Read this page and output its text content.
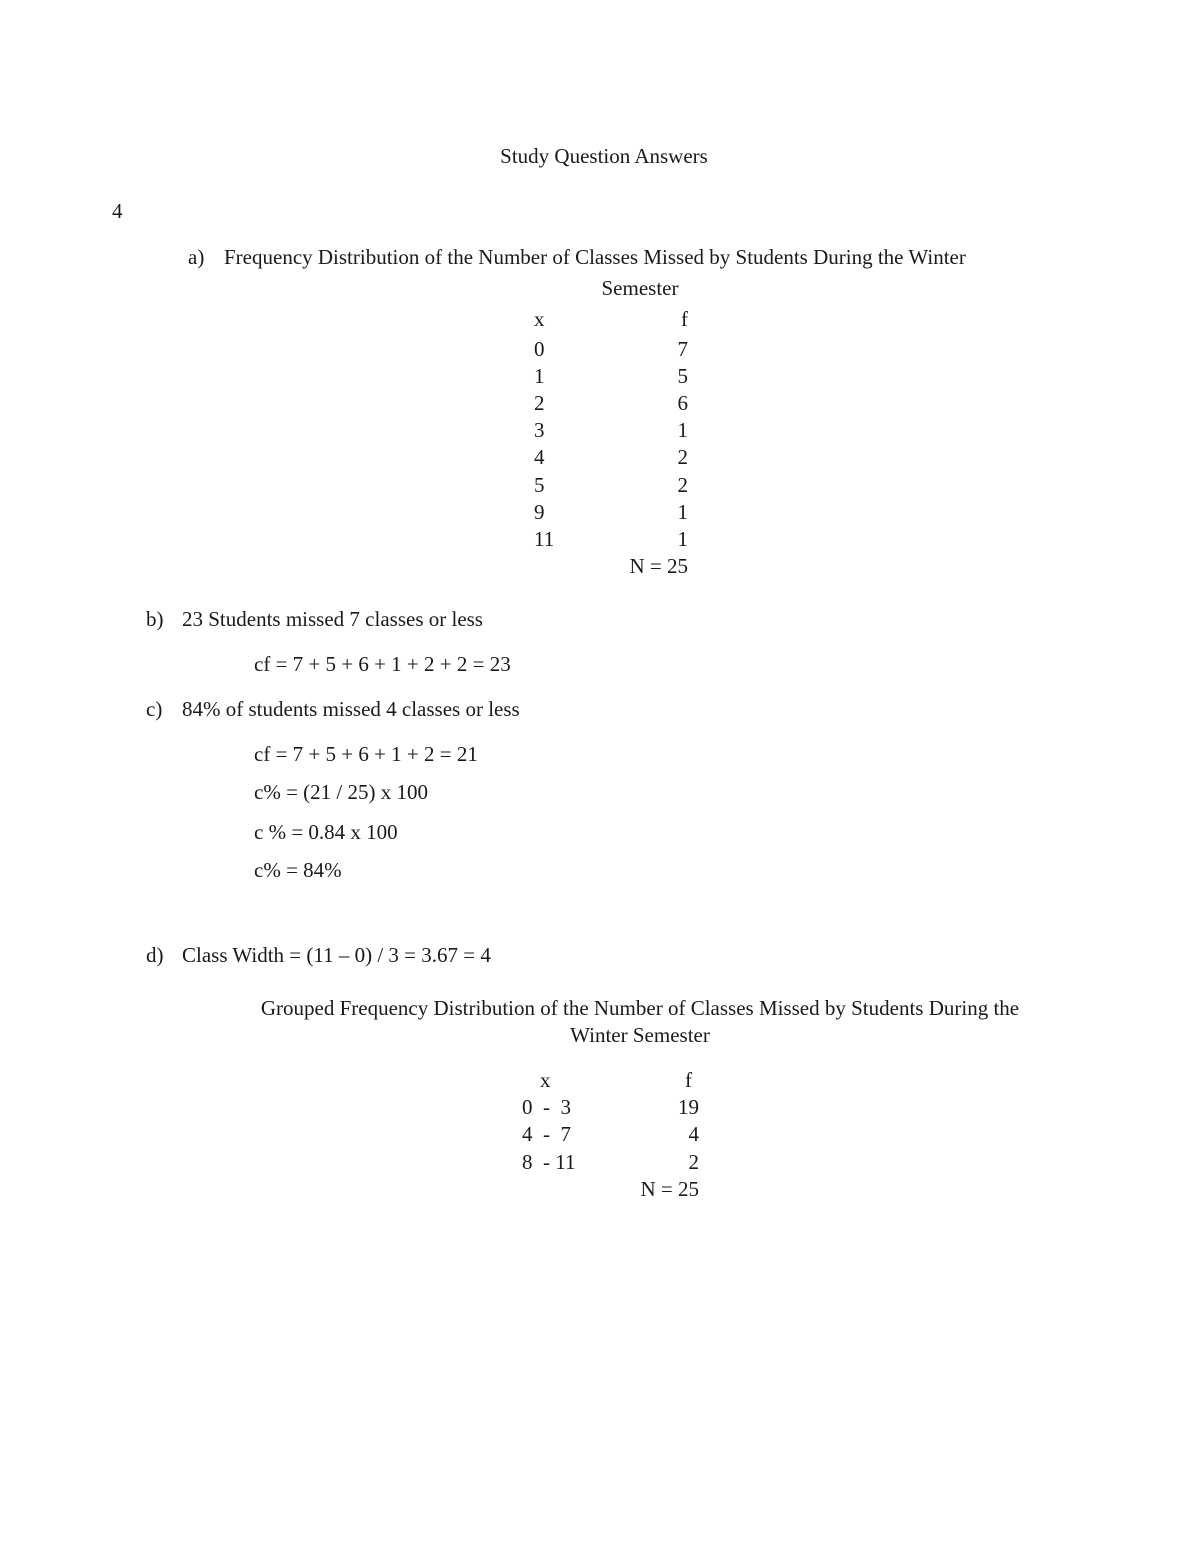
Study Question Answers
4
a) Frequency Distribution of the Number of Classes Missed by Students During the Winter
Semester
x	f
0	7
1	5
2	6
3	1
4	2
5	2
9	1
11	1
N = 25
b) 23 Students missed 7 classes or less
cf = 7 + 5 + 6 + 1 + 2 + 2 = 23
c) 84% of students missed 4 classes or less
cf = 7 + 5 + 6 + 1 + 2 = 21
c% = (21 / 25) x 100
c % = 0.84 x 100
c% = 84%
d) Class Width = (11 – 0) / 3 = 3.67 = 4
Grouped Frequency Distribution of the Number of Classes Missed by Students During the
Winter Semester
x	f
0  -  3	19
4  -  7	4
8  - 11	2
N = 25
